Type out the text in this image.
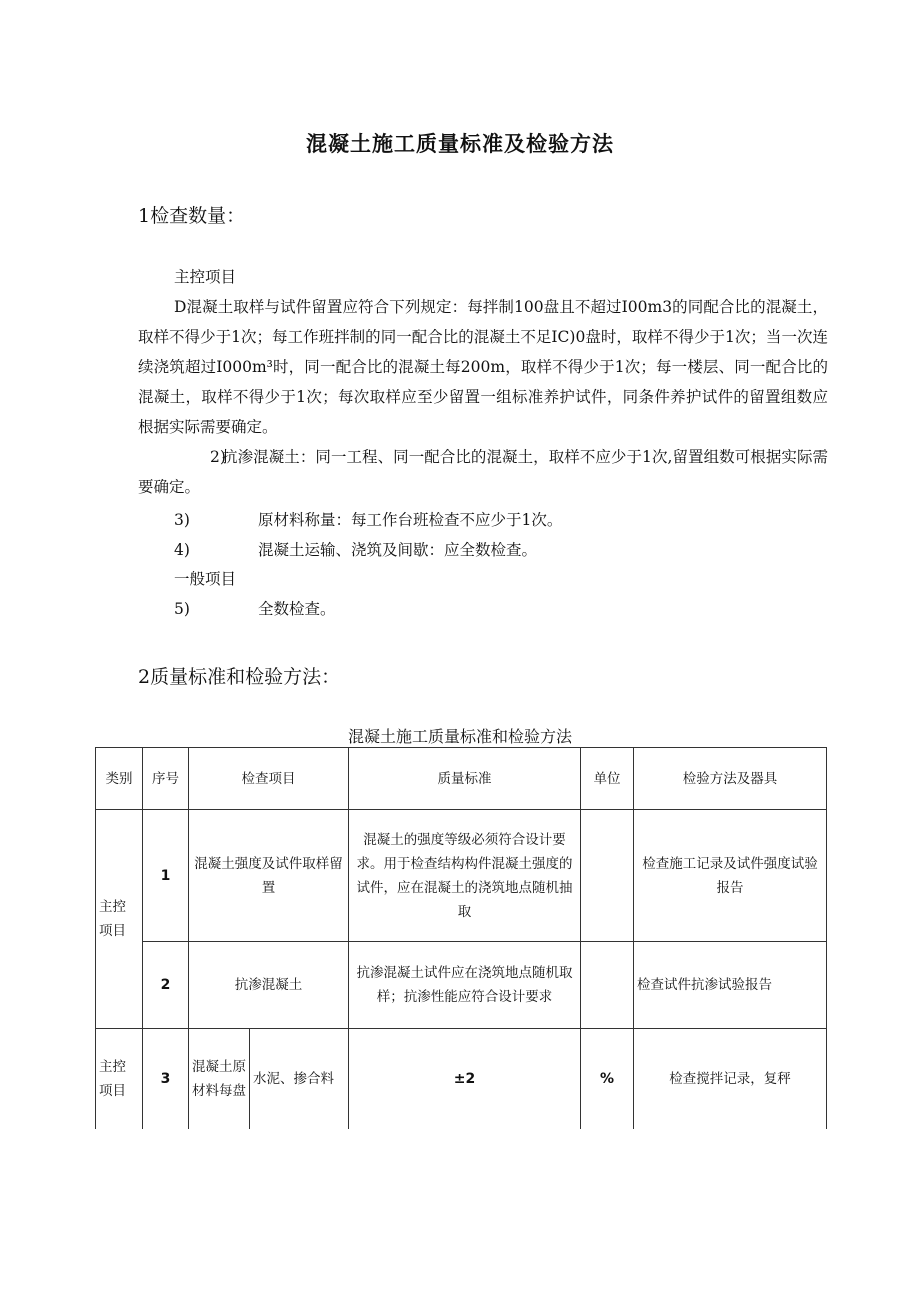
混凝土施工质量标准及检验方法
1检查数量：
主控项目
D混凝土取样与试件留置应符合下列规定：每拌制100盘且不超过I00m3的同配合比的混凝土，取样不得少于1次；每工作班拌制的同一配合比的混凝土不足IC)0盘时，取样不得少于1次；当一次连续浇筑超过I000m³时，同一配合比的混凝土每200m，取样不得少于1次；每一楼层、同一配合比的混凝土，取样不得少于1次；每次取样应至少留置一组标准养护试件，同条件养护试件的留置组数应根据实际需要确定。
2)抗渗混凝土：同一工程、同一配合比的混凝土，取样不应少于1次,留置组数可根据实际需要确定。
3)	原材料称量：每工作台班检查不应少于1次。
4)	混凝土运输、浇筑及间歇：应全数检查。
一般项目
5)	全数检查。
2质量标准和检验方法：
混凝土施工质量标准和检验方法
类别	序号	检查项目		质量标准	单位	检验方法及器具
主控项目	1	混凝土强度及试件取样留置		混凝土的强度等级必须符合设计要求。用于检查结构构件混凝土强度的试件，应在混凝土的浇筑地点随机抽取		检查施工记录及试件强度试验报告
	2	抗渗混凝土		抗渗混凝土试件应在浇筑地点随机取样；抗渗性能应符合设计要求		检查试件抗渗试验报告
主控项目	3	混凝土原材料每盘	水泥、掺合料	±2	%	检查搅拌记录，复秤
